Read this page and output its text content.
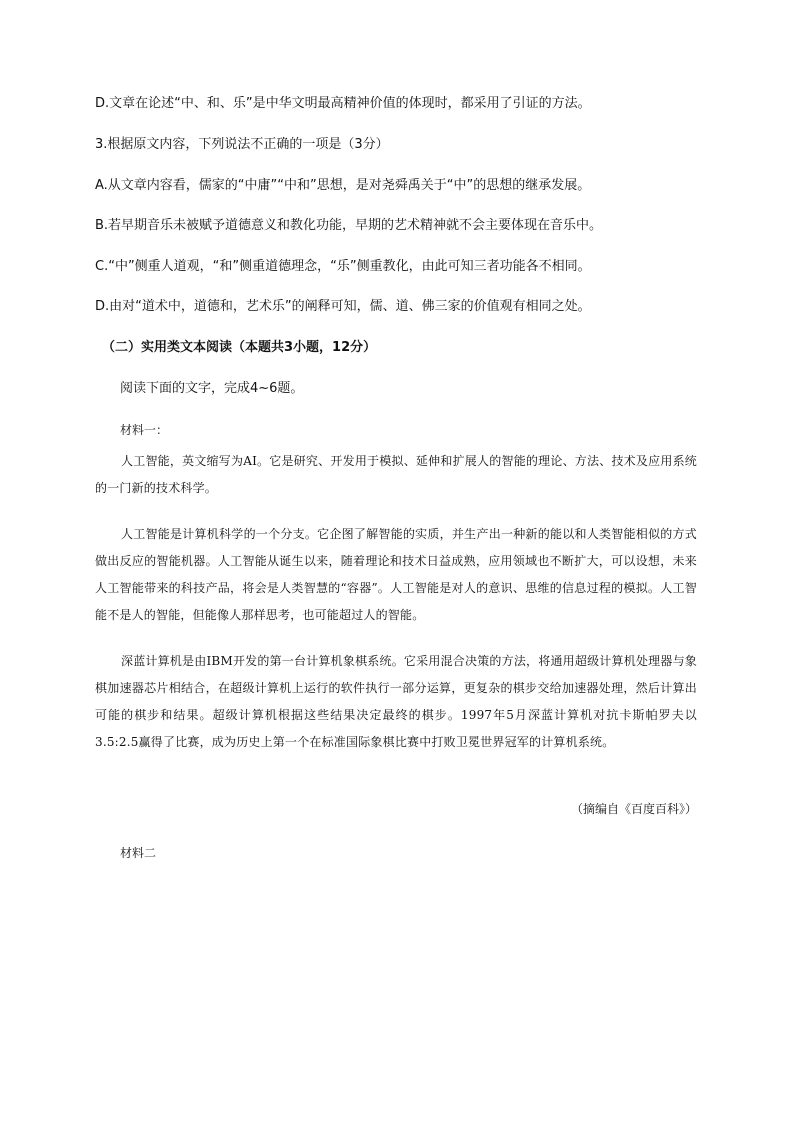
D.文章在论述“中、和、乐”是中华文明最高精神价值的体现时，都采用了引证的方法。
3.根据原文内容，下列说法不正确的一项是（3分）
A.从文章内容看，儒家的“中庸”“中和”思想，是对尧舜禹关于“中”的思想的继承发展。
B.若早期音乐未被赋予道德意义和教化功能，早期的艺术精神就不会主要体现在音乐中。
C.“中”侧重人道观，“和”侧重道德理念，“乐”侧重教化，由此可知三者功能各不相同。
D.由对“道术中，道德和，艺术乐”的阐释可知，儒、道、佛三家的价值观有相同之处。
（二）实用类文本阅读（本题共3小题，12分）
阅读下面的文字，完成4~6题。
材料一：

人工智能，英文缩写为AI。它是研究、开发用于模拟、延伸和扩展人的智能的理论、方法、技术及应用系统的一门新的技术科学。

人工智能是计算机科学的一个分支。它企图了解智能的实质，并生产出一种新的能以和人类智能相似的方式做出反应的智能机器。人工智能从诞生以来，随着理论和技术日益成熟，应用领域也不断扩大，可以设想，未来人工智能带来的科技产品，将会是人类智慧的“容器”。人工智能是对人的意识、思维的信息过程的模拟。人工智能不是人的智能，但能像人那样思考，也可能超过人的智能。

深蓝计算机是由IBM开发的第一台计算机象棋系统。它采用混合决策的方法，将通用超级计算机处理器与象棋加速器芯片相结合，在超级计算机上运行的软件执行一部分运算，更复杂的棋步交给加速器处理，然后计算出可能的棋步和结果。超级计算机根据这些结果决定最终的棋步。1997年5月深蓝计算机对抗卡斯帕罗夫以3.5:2.5赢得了比赛，成为历史上第一个在标准国际象棋比赛中打败卫冕世界冠军的计算机系统。

（摘编自《百度百科》）
材料二
